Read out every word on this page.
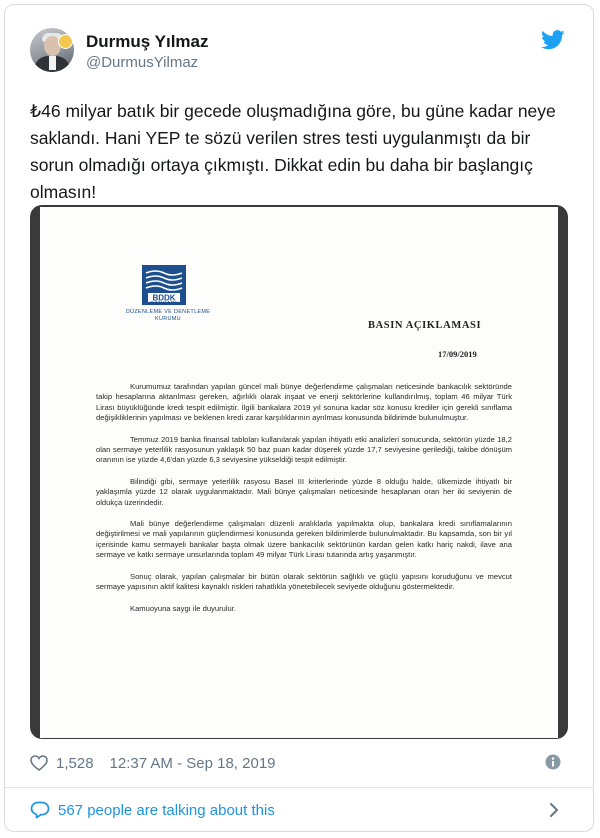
Durmuş Yılmaz
@DurmusYilmaz

₺46 milyar batık bir gecede oluşmadığına göre, bu güne kadar neye saklandı. Hani YEP te sözü verilen stres testi uygulanmıştı da bir sorun olmadığı ortaya çıkmıştı. Dikkat edin bu daha bir başlangıç olmasın!

BDDK
BANKACILIK
DÜZENLEME VE DENETLEME
KURUMU
BASIN AÇIKLAMASI
17/09/2019

Kurumumuz tarafından yapılan güncel mali bünye değerlendirme çalışmaları neticesinde bankacılık sektöründe takip hesaplarına aktarılması gereken, ağırlıklı olarak inşaat ve enerji sektörlerine kullandırılmış, toplam 46 milyar Türk Lirası büyüklüğünde kredi tespit edilmiştir. İlgili bankalara 2019 yıl sonuna kadar söz konusu krediler için gerekli sınıflama değişikliklerinin yapılması ve beklenen kredi zarar karşılıklarının ayrılması konusunda bildirimde bulunulmuştur.

Temmuz 2019 banka finansal tabloları kullanılarak yapılan ihtiyatlı etki analizleri sonucunda, sektörün yüzde 18,2 olan sermaye yeterlilik rasyosunun yaklaşık 50 baz puan kadar düşerek yüzde 17,7 seviyesine gerilediği, takibe dönüşüm oranının ise yüzde 4,6'dan yüzde 6,3 seviyesine yükseldiği tespit edilmiştir.

Bilindiği gibi, sermaye yeterlilik rasyosu Basel III kriterlerinde yüzde 8 olduğu halde, ülkemizde ihtiyatlı bir yaklaşımla yüzde 12 olarak uygulanmaktadır. Mali bünye çalışmaları neticesinde hesaplanan oran her iki seviyenin de oldukça üzerindedir.

Mali bünye değerlendirme çalışmaları düzenli aralıklarla yapılmakta olup, bankalara kredi sınıflamalarının değiştirilmesi ve mali yapılarının güçlendirmesi konusunda gereken bildirimlerde bulunulmaktadır. Bu kapsamda, son bir yıl içerisinde kamu sermayeli bankalar başta olmak üzere bankacılık sektörünün kardan gelen katkı hariç nakdi, ilave ana sermaye ve katkı sermaye unsurlarında toplam 49 milyar Türk Lirası tutarında artış yaşanmıştır.

Sonuç olarak, yapılan çalışmalar bir bütün olarak sektörün sağlıklı ve güçlü yapısını koruduğunu ve mevcut sermaye yapısının aktif kalitesi kaynaklı riskleri rahatlıkla yönetebilecek seviyede olduğunu göstermektedir.

Kamuoyuna saygı ile duyurulur.

1,528 12:37 AM - Sep 18, 2019
567 people are talking about this
